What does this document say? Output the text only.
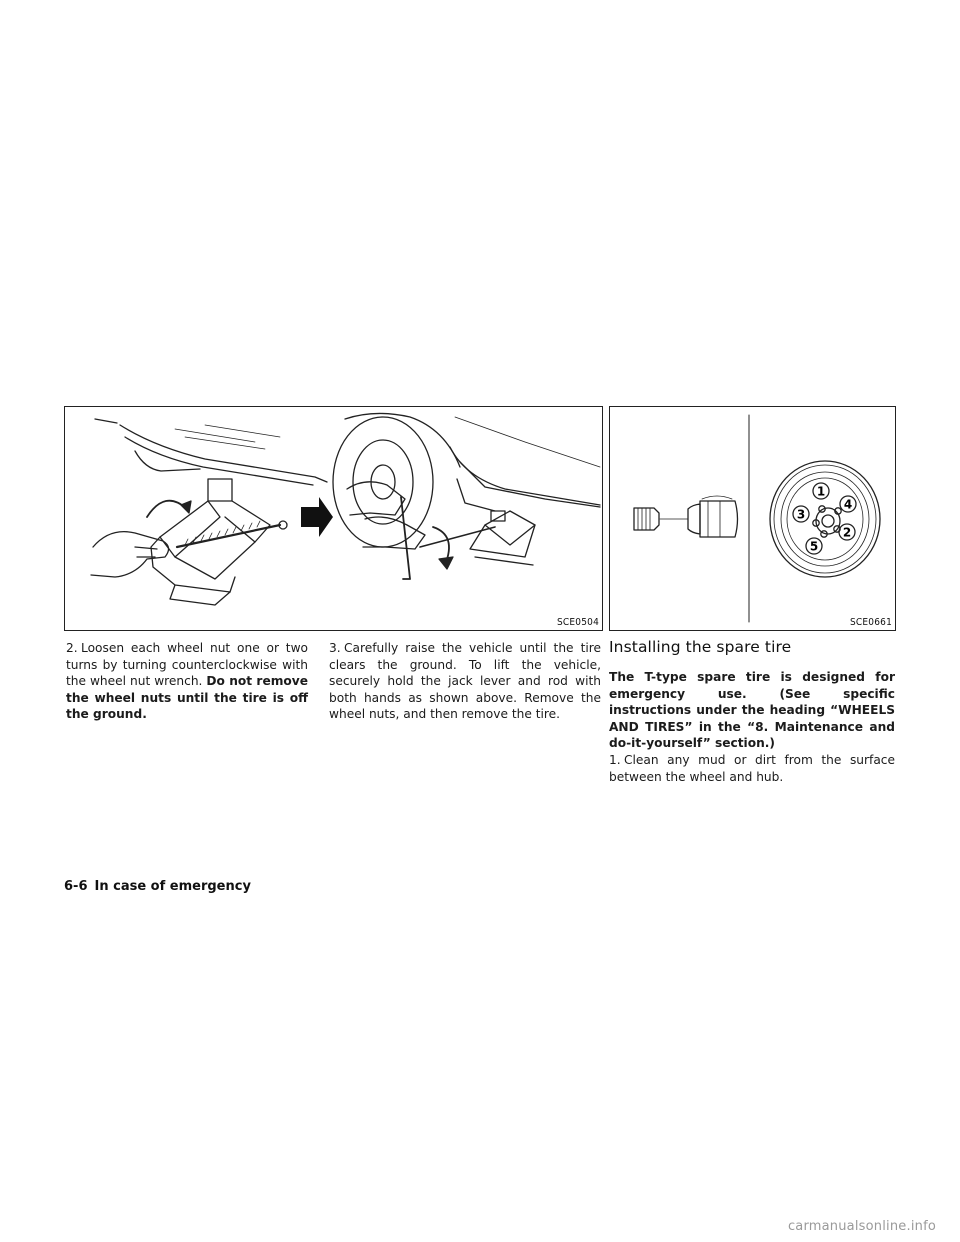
SCE0504
1
4
3
2
5
SCE0661

2. Loosen each wheel nut one or two turns by turning counterclockwise with the wheel nut wrench. Do not remove the wheel nuts until the tire is off the ground.

3. Carefully raise the vehicle until the tire clears the ground. To lift the vehicle, securely hold the jack lever and rod with both hands as shown above. Remove the wheel nuts, and then remove the tire.

Installing the spare tire

The T-type spare tire is designed for emergency use. (See specific instructions under the heading “WHEELS AND TIRES” in the “8. Maintenance and do-it-yourself” section.)

1. Clean any mud or dirt from the surface between the wheel and hub.

6-6 In case of emergency
carmanualsonline.info
